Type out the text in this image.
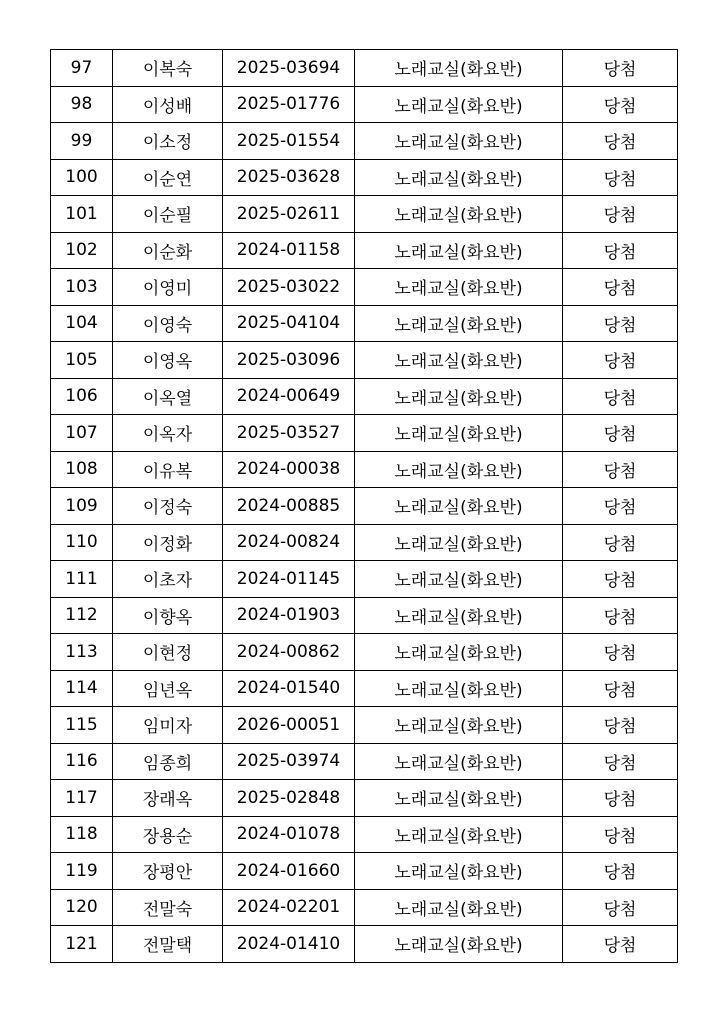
97	이복숙	2025-03694	노래교실(화요반)	당첨
98	이성배	2025-01776	노래교실(화요반)	당첨
99	이소정	2025-01554	노래교실(화요반)	당첨
100	이순연	2025-03628	노래교실(화요반)	당첨
101	이순필	2025-02611	노래교실(화요반)	당첨
102	이순화	2024-01158	노래교실(화요반)	당첨
103	이영미	2025-03022	노래교실(화요반)	당첨
104	이영숙	2025-04104	노래교실(화요반)	당첨
105	이영옥	2025-03096	노래교실(화요반)	당첨
106	이옥열	2024-00649	노래교실(화요반)	당첨
107	이옥자	2025-03527	노래교실(화요반)	당첨
108	이유복	2024-00038	노래교실(화요반)	당첨
109	이정숙	2024-00885	노래교실(화요반)	당첨
110	이정화	2024-00824	노래교실(화요반)	당첨
111	이초자	2024-01145	노래교실(화요반)	당첨
112	이향옥	2024-01903	노래교실(화요반)	당첨
113	이현정	2024-00862	노래교실(화요반)	당첨
114	임년옥	2024-01540	노래교실(화요반)	당첨
115	임미자	2026-00051	노래교실(화요반)	당첨
116	임종희	2025-03974	노래교실(화요반)	당첨
117	장래옥	2025-02848	노래교실(화요반)	당첨
118	장용순	2024-01078	노래교실(화요반)	당첨
119	장평안	2024-01660	노래교실(화요반)	당첨
120	전말숙	2024-02201	노래교실(화요반)	당첨
121	전말택	2024-01410	노래교실(화요반)	당첨
